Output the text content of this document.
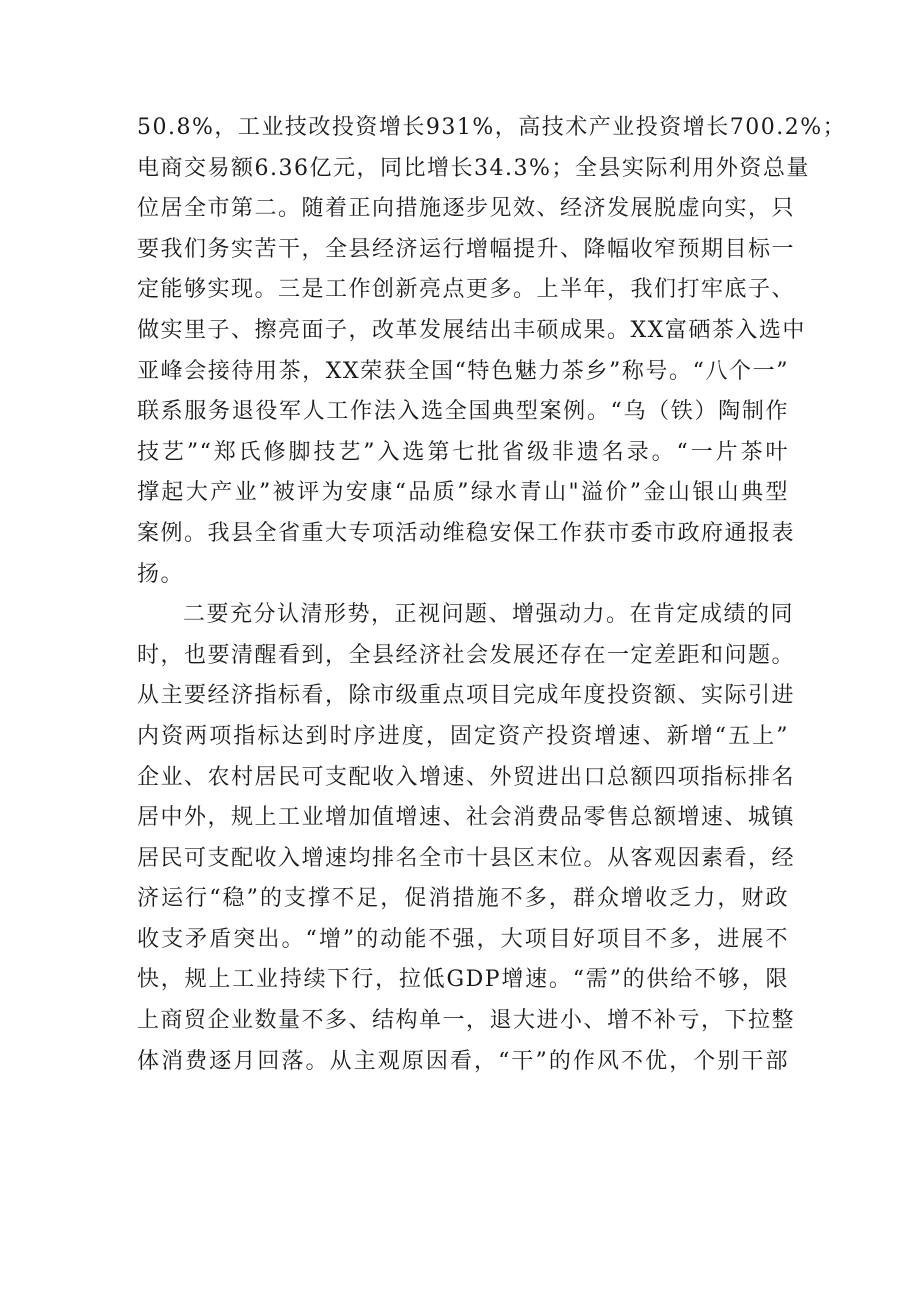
50.8%，工业技改投资增长931%，高技术产业投资增长700.2%；
电商交易额6.36亿元，同比增长34.3%；全县实际利用外资总量
位居全市第二。随着正向措施逐步见效、经济发展脱虚向实，只
要我们务实苦干，全县经济运行增幅提升、降幅收窄预期目标一
定能够实现。三是工作创新亮点更多。上半年，我们打牢底子、
做实里子、擦亮面子，改革发展结出丰硕成果。XX富硒茶入选中
亚峰会接待用茶，XX荣获全国“特色魅力茶乡”称号。“八个一”
联系服务退役军人工作法入选全国典型案例。“乌（铁）陶制作
技艺”“郑氏修脚技艺”入选第七批省级非遗名录。“一片茶叶
撑起大产业”被评为安康“品质”绿水青山"溢价”金山银山典型
案例。我县全省重大专项活动维稳安保工作获市委市政府通报表
扬。
二要充分认清形势，正视问题、增强动力。在肯定成绩的同
时，也要清醒看到，全县经济社会发展还存在一定差距和问题。
从主要经济指标看，除市级重点项目完成年度投资额、实际引进
内资两项指标达到时序进度，固定资产投资增速、新增“五上”
企业、农村居民可支配收入增速、外贸进出口总额四项指标排名
居中外，规上工业增加值增速、社会消费品零售总额增速、城镇
居民可支配收入增速均排名全市十县区末位。从客观因素看，经
济运行“稳”的支撑不足，促消措施不多，群众增收乏力，财政
收支矛盾突出。“增”的动能不强，大项目好项目不多，进展不
快，规上工业持续下行，拉低GDP增速。“需”的供给不够，限
上商贸企业数量不多、结构单一，退大进小、增不补亏，下拉整
体消费逐月回落。从主观原因看，“干”的作风不优，个别干部
